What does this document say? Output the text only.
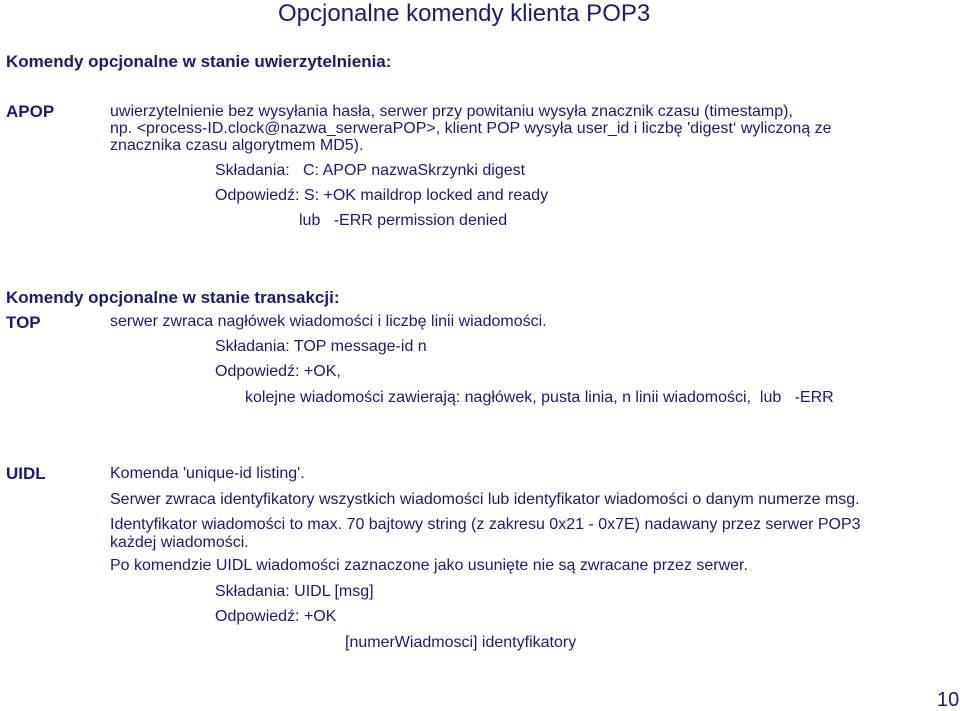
Opcjonalne komendy klienta POP3
Komendy opcjonalne w stanie uwierzytelnienia:
APOP	uwierzytelnienie bez wysyłania hasła, serwer przy powitaniu wysyła znacznik czasu (timestamp),
np. <process-ID.clock@nazwa_serweraPOP>, klient POP wysyła user_id i liczbę 'digest‘ wyliczoną ze
znacznika czasu algorytmem MD5).
Składania:   C: APOP nazwaSkrzynki digest
Odpowiedź: S: +OK maildrop locked and ready
lub   -ERR permission denied
Komendy opcjonalne w stanie transakcji:
TOP	serwer zwraca nagłówek wiadomości i liczbę linii wiadomości.
Składania: TOP message-id n
Odpowiedź: +OK,
kolejne wiadomości zawierają: nagłówek, pusta linia, n linii wiadomości,  lub   -ERR
UIDL	Komenda 'unique-id listing'.
Serwer zwraca identyfikatory wszystkich wiadomości lub identyfikator wiadomości o danym numerze msg.
Identyfikator wiadomości to max. 70 bajtowy string (z zakresu 0x21 - 0x7E) nadawany przez serwer POP3
każdej wiadomości.
Po komendzie UIDL wiadomości zaznaczone jako usunięte nie są zwracane przez serwer.
Składania: UIDL [msg]
Odpowiedź: +OK
[numerWiadmosci] identyfikatory
10
